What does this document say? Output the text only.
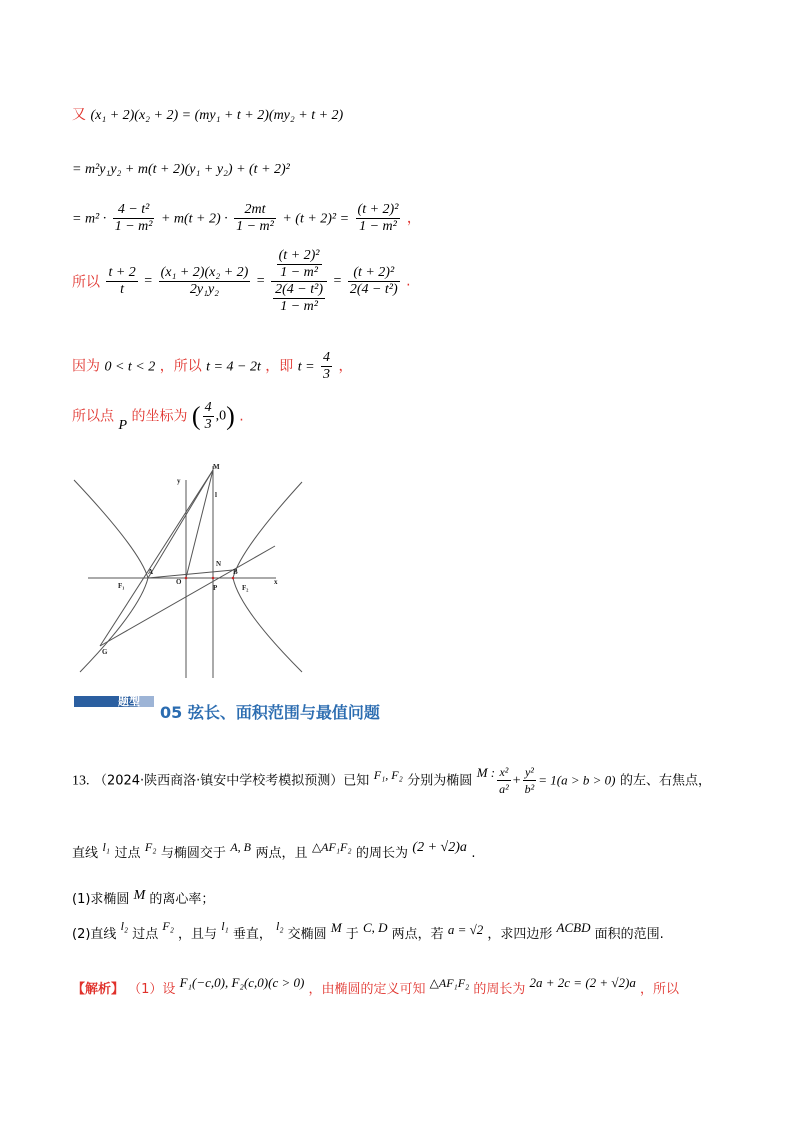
又 (x₁ + 2)(x₂ + 2) = (my₁ + t + 2)(my₂ + t + 2)
= m²y₁y₂ + m(t + 2)(y₁ + y₂) + (t + 2)²
= $m^2 \cdot \frac{\text{4 − t²}}{\text{1 − m²}} + m(t + 2) \cdot \frac{2mt}{\text{1 − m²}} + (t + 2)^2 = \frac{\text{(t + 2)²}}{\text{1 − m²}}$ ，
所以 $\frac{t + 2}{t} = \frac{\text{(x₁ + 2)(x₂ + 2)}}{\text{2y₁y₂}} = \frac{\frac{\text{(t + 2)²}}{\text{1 − m²}}}{\frac{\text{2(4 − t²)}}{\text{1 − m²}}} = \frac{\text{(t + 2)²}}{\text{2(4 − t²)}}$ .
因为 0 < t < 2 ，所以 t = 4 − 2t ，即 $t = \frac{4}{3}$ ，
所以点 P 的坐标为 ( $\frac{4}{3} ,0$) .
y
M
l
N
B
F₁
A
O
P	F₂
x
G
题型
05 弦长、面积范围与最值问题
13. （2024·陕西商洛·镇安中学校考模拟预测）已知 F₁, F₂ 分别为椭圆 M : $\frac{\text{x²}}{\text{a²}} + \frac{\text{y²}}{\text{b²}} = 1(a > b > 0)$ 的左、右焦点，
直线 l₁ 过点 F₂ 与椭圆交于 A, B 两点，且 △AF₁F₂ 的周长为 (2 + √2)a .
(1)求椭圆 M 的离心率；
(2)直线 l₂ 过点 F₂ ，且与 l₁ 垂直， l₂ 交椭圆 M 于 C, D 两点，若 a = √2 ，求四边形 ACBD 面积的范围.
【解析】 （1）设 F₁(−c,0), F₂(c,0)(c > 0) ，由椭圆的定义可知 △AF₁F₂ 的周长为 2a + 2c = (2 + √2)a ，所以
